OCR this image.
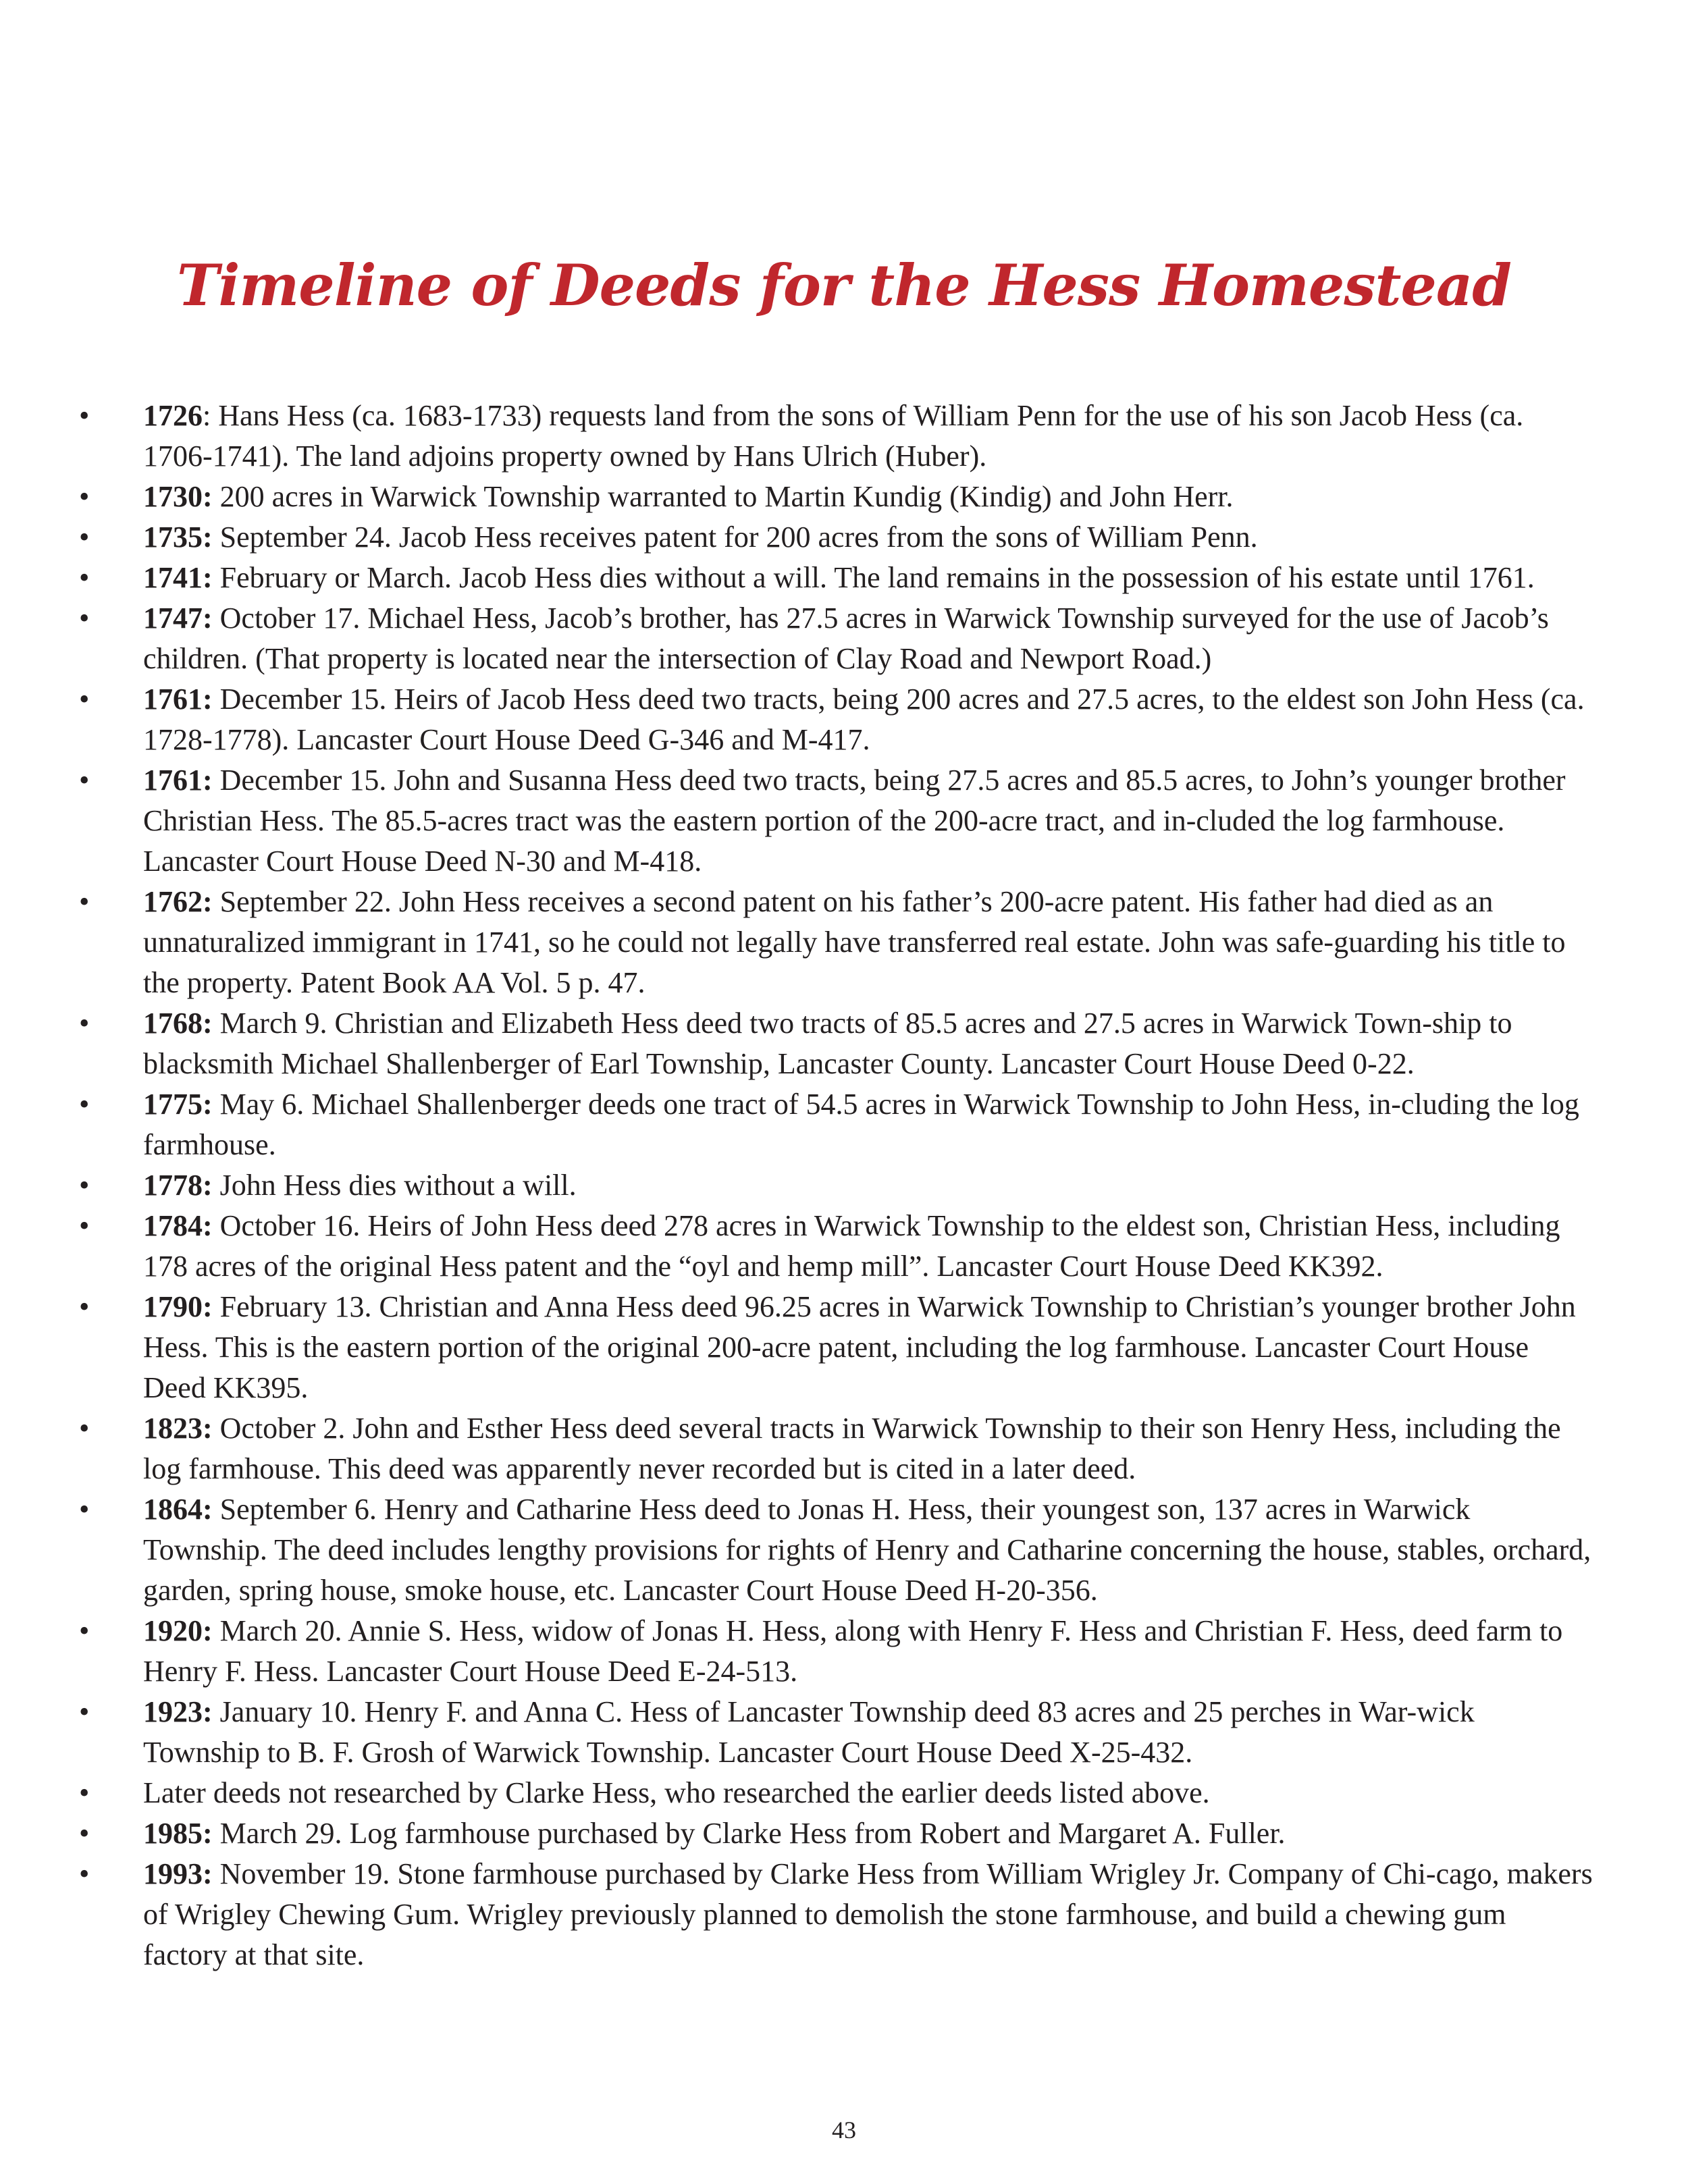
Timeline of Deeds for the Hess Homestead
• 1726: Hans Hess (ca. 1683-1733) requests land from the sons of William Penn for the use of his son Jacob Hess (ca. 1706-1741). The land adjoins property owned by Hans Ulrich (Huber).
• 1730: 200 acres in Warwick Township warranted to Martin Kundig (Kindig) and John Herr.
• 1735: September 24. Jacob Hess receives patent for 200 acres from the sons of William Penn.
• 1741: February or March. Jacob Hess dies without a will. The land remains in the possession of his estate until 1761.
• 1747: October 17. Michael Hess, Jacob’s brother, has 27.5 acres in Warwick Township surveyed for the use of Jacob’s children. (That property is located near the intersection of Clay Road and Newport Road.)
• 1761: December 15. Heirs of Jacob Hess deed two tracts, being 200 acres and 27.5 acres, to the eldest son John Hess (ca. 1728-1778). Lancaster Court House Deed G-346 and M-417.
• 1761: December 15. John and Susanna Hess deed two tracts, being 27.5 acres and 85.5 acres, to John’s younger brother Christian Hess. The 85.5-acres tract was the eastern portion of the 200-acre tract, and in-cluded the log farmhouse. Lancaster Court House Deed N-30 and M-418.
• 1762: September 22. John Hess receives a second patent on his father’s 200-acre patent. His father had died as an unnaturalized immigrant in 1741, so he could not legally have transferred real estate. John was safe-guarding his title to the property. Patent Book AA Vol. 5 p. 47.
• 1768: March 9. Christian and Elizabeth Hess deed two tracts of 85.5 acres and 27.5 acres in Warwick Town-ship to blacksmith Michael Shallenberger of Earl Township, Lancaster County. Lancaster Court House Deed 0-22.
• 1775: May 6. Michael Shallenberger deeds one tract of 54.5 acres in Warwick Township to John Hess, in-cluding the log farmhouse.
• 1778: John Hess dies without a will.
• 1784: October 16. Heirs of John Hess deed 278 acres in Warwick Township to the eldest son, Christian Hess, including 178 acres of the original Hess patent and the “oyl and hemp mill”. Lancaster Court House Deed KK392.
• 1790: February 13. Christian and Anna Hess deed 96.25 acres in Warwick Township to Christian’s younger brother John Hess. This is the eastern portion of the original 200-acre patent, including the log farmhouse. Lancaster Court House Deed KK395.
• 1823: October 2. John and Esther Hess deed several tracts in Warwick Township to their son Henry Hess, including the log farmhouse. This deed was apparently never recorded but is cited in a later deed.
• 1864: September 6. Henry and Catharine Hess deed to Jonas H. Hess, their youngest son, 137 acres in Warwick Township. The deed includes lengthy provisions for rights of Henry and Catharine concerning the house, stables, orchard, garden, spring house, smoke house, etc. Lancaster Court House Deed H-20-356.
• 1920: March 20. Annie S. Hess, widow of Jonas H. Hess, along with Henry F. Hess and Christian F. Hess, deed farm to Henry F. Hess. Lancaster Court House Deed E-24-513.
• 1923: January 10. Henry F. and Anna C. Hess of Lancaster Township deed 83 acres and 25 perches in War-wick Township to B. F. Grosh of Warwick Township. Lancaster Court House Deed X-25-432.
• Later deeds not researched by Clarke Hess, who researched the earlier deeds listed above.
• 1985: March 29. Log farmhouse purchased by Clarke Hess from Robert and Margaret A. Fuller.
• 1993: November 19. Stone farmhouse purchased by Clarke Hess from William Wrigley Jr. Company of Chi-cago, makers of Wrigley Chewing Gum. Wrigley previously planned to demolish the stone farmhouse, and build a chewing gum factory at that site.
43
